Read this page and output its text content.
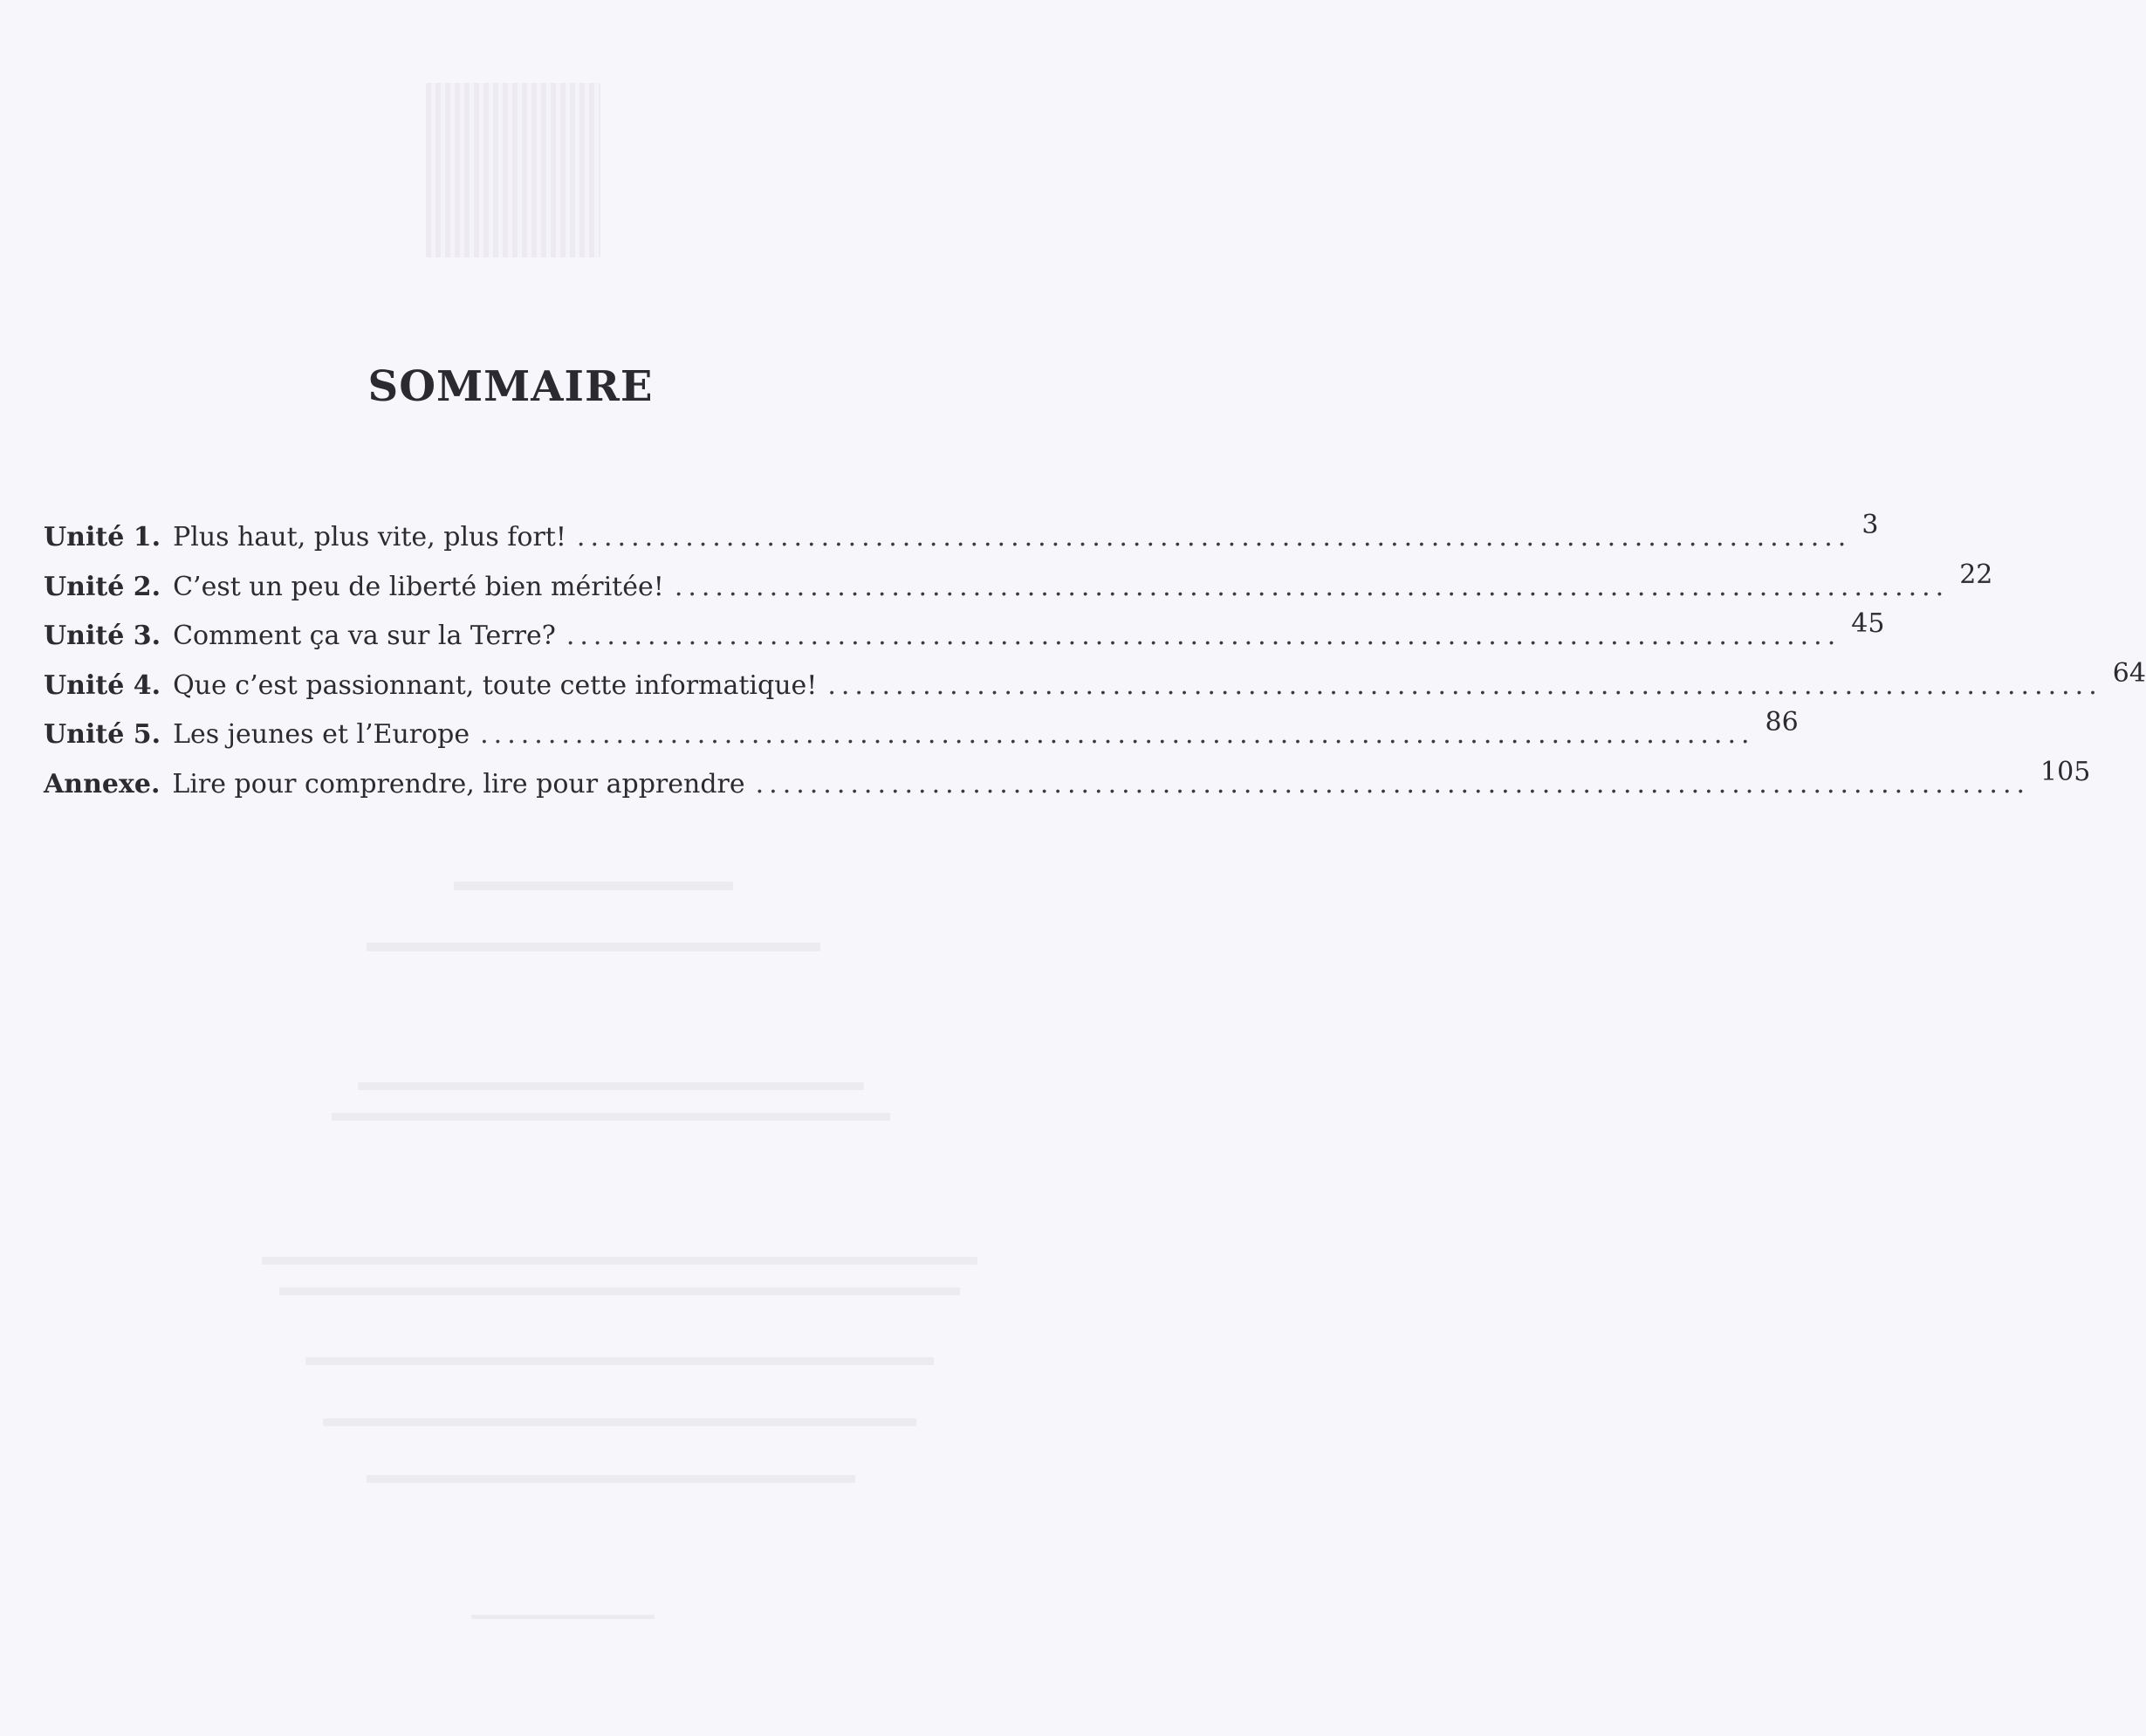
SOMMAIRE
Unité 1. Plus haut, plus vite, plus fort! .............................................................................................. 3
Unité 2. C’est un peu de liberté bien méritée! .............................................................................................. 22
Unité 3. Comment ça va sur la Terre? .............................................................................................. 45
Unité 4. Que c’est passionnant, toute cette informatique! .............................................................................................. 64
Unité 5. Les jeunes et l’Europe .............................................................................................. 86
Annexe. Lire pour comprendre, lire pour apprendre .............................................................................................. 105
